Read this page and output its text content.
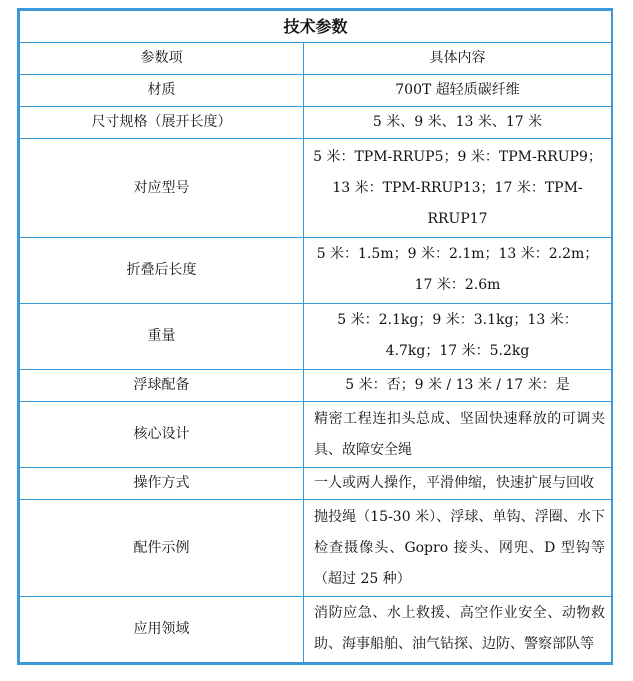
技术参数	
参数项	具体内容
材质	700T 超轻质碳纤维
尺寸规格（展开长度）	5 米、9 米、13 米、17 米
对应型号	5 米：TPM-RRUP5；9 米：TPM-RRUP9；13 米：TPM-RRUP13；17 米：TPM-RRUP17
折叠后长度	5 米：1.5m；9 米：2.1m；13 米：2.2m；17 米：2.6m
重量	5 米：2.1kg；9 米：3.1kg；13 米：4.7kg；17 米：5.2kg
浮球配备	5 米：否；9 米 / 13 米 / 17 米：是
核心设计	精密工程连扣头总成、坚固快速释放的可调夹具、故障安全绳
操作方式	一人或两人操作，平滑伸缩，快速扩展与回收
配件示例	抛投绳（15-30 米）、浮球、单钩、浮圈、水下检查摄像头、Gopro 接头、网兜、D 型钩等（超过 25 种）
应用领域	消防应急、水上救援、高空作业安全、动物救助、海事船舶、油气钻探、边防、警察部队等
